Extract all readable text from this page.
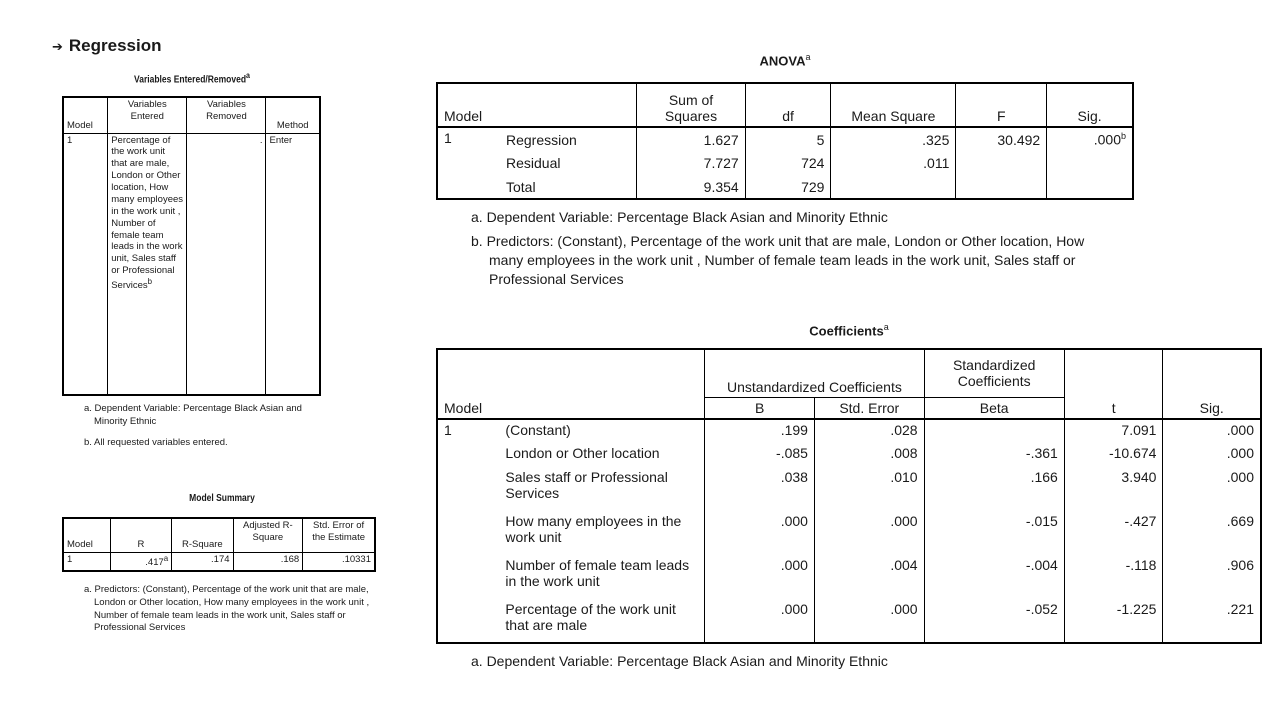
➔ Regression
Variables Entered/Removed$^a$
Model	Variables Entered	Variables Removed	Method
1	Percentage of the work unit that are male, London or Other location, How many employees in the work unit , Number of female team leads in the work unit, Sales staff or Professional Services$^b$	.	Enter
a. Dependent Variable: Percentage Black Asian and Minority Ethnic
b. All requested variables entered.
Model Summary
Model	R	R-Square	Adjusted R-Square	Std. Error of the Estimate
1	.417$^a$	.174	.168	.10331
a. Predictors: (Constant), Percentage of the work unit that are male, London or Other location, How many employees in the work unit , Number of female team leads in the work unit, Sales staff or Professional Services
ANOVA$^a$
Model		Sum of Squares	df	Mean Square	F	Sig.
1	Regression	1.627	5	.325	30.492	.000$^b$
	Residual	7.727	724	.011		
	Total	9.354	729			
a. Dependent Variable: Percentage Black Asian and Minority Ethnic
b. Predictors: (Constant), Percentage of the work unit that are male, London or Other location, How many employees in the work unit , Number of female team leads in the work unit, Sales staff or Professional Services
Coefficients$^a$
Model		Unstandardized Coefficients		Standardized Coefficients	t	Sig.
		B	Std. Error	Beta		
1	(Constant)	.199	.028		7.091	.000
	London or Other location	-.085	.008	-.361	-10.674	.000
	Sales staff or Professional Services	.038	.010	.166	3.940	.000
	How many employees in the work unit	.000	.000	-.015	-.427	.669
	Number of female team leads in the work unit	.000	.004	-.004	-.118	.906
	Percentage of the work unit that are male	.000	.000	-.052	-1.225	.221
a. Dependent Variable: Percentage Black Asian and Minority Ethnic
